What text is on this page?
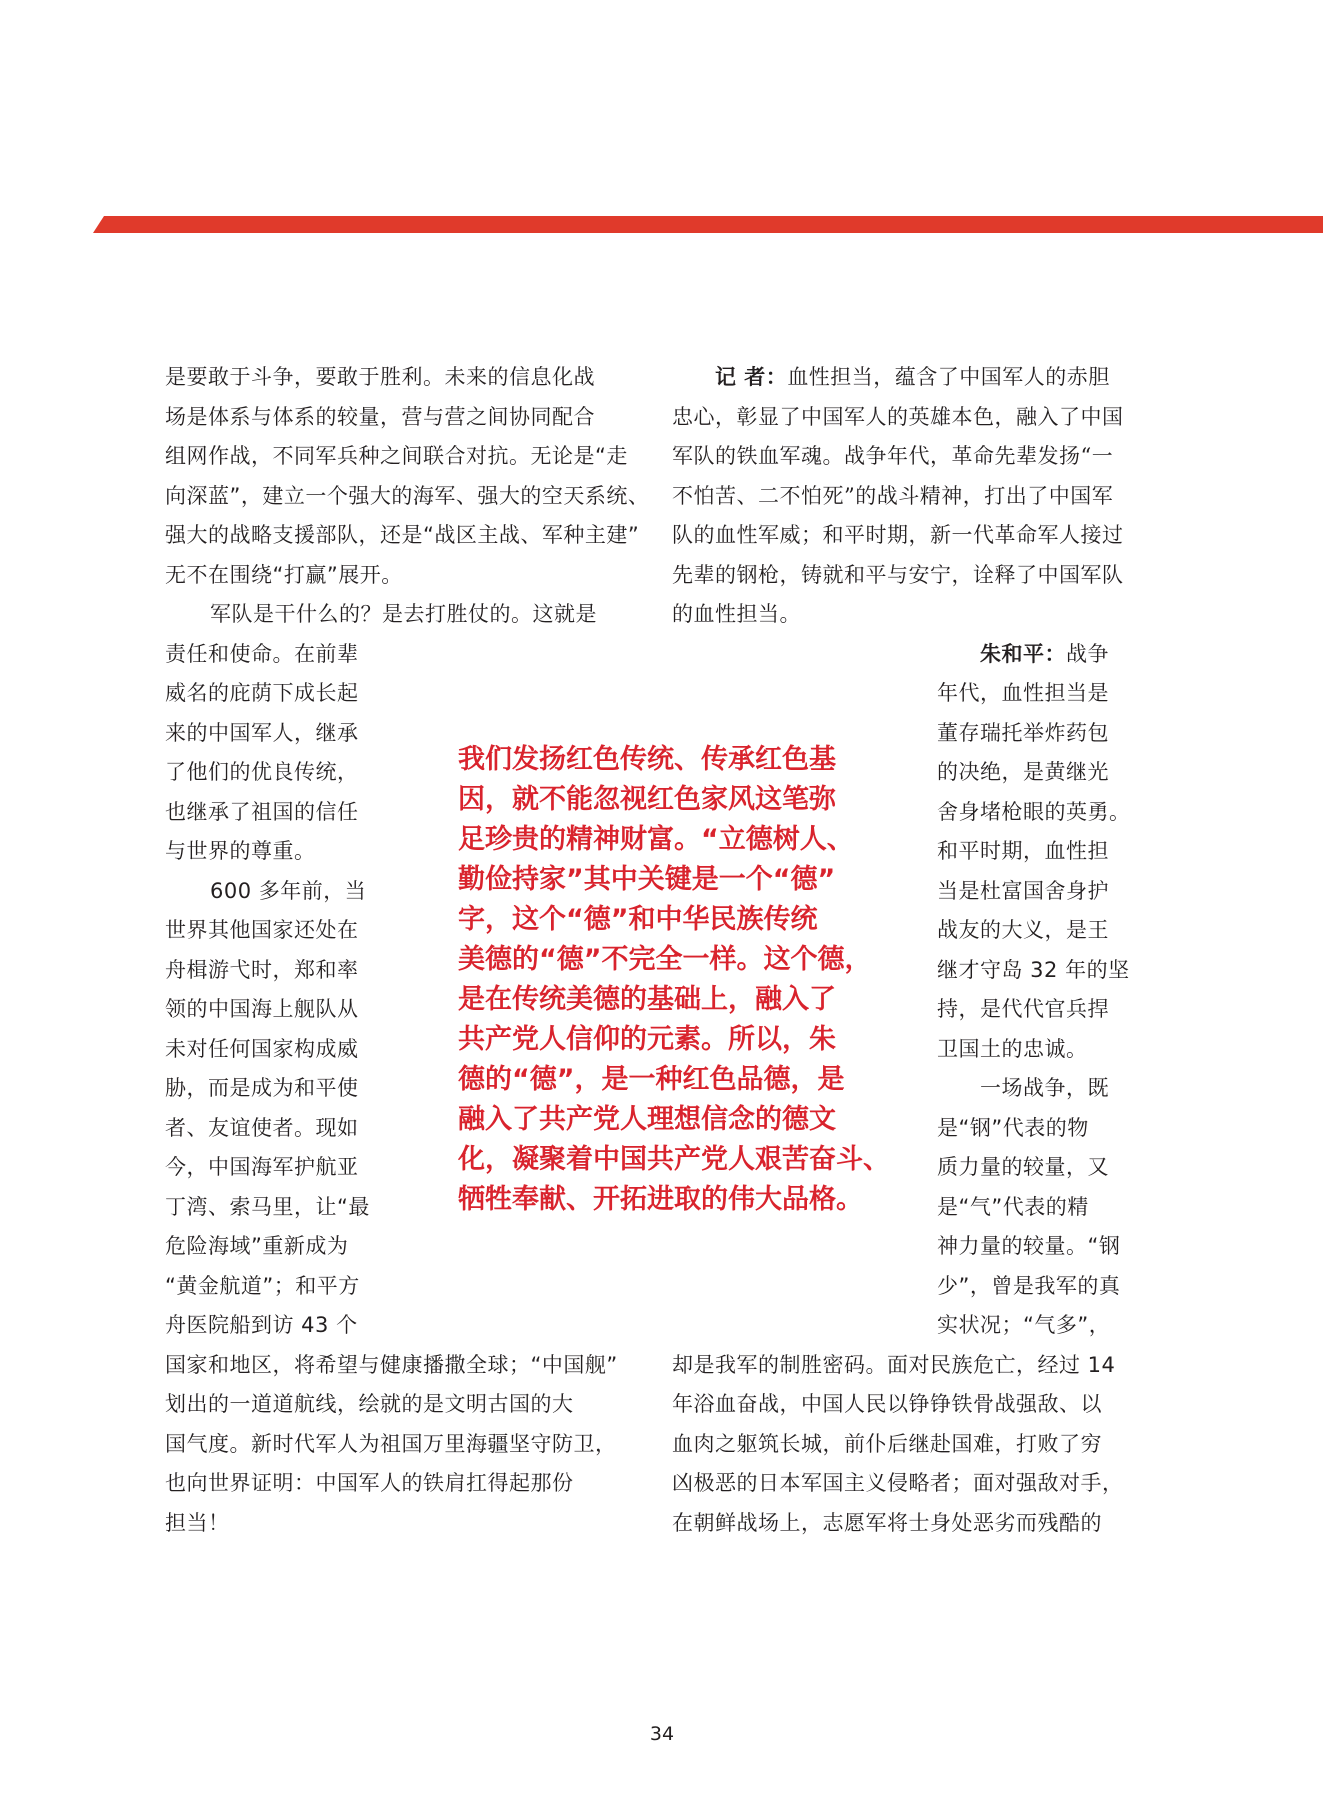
是要敢于斗争，要敢于胜利。未来的信息化战
场是体系与体系的较量，营与营之间协同配合
组网作战，不同军兵种之间联合对抗。无论是“走
向深蓝”，建立一个强大的海军、强大的空天系统、
强大的战略支援部队，还是“战区主战、军种主建”
无不在围绕“打赢”展开。
军队是干什么的？是去打胜仗的。这就是
责任和使命。在前辈
威名的庇荫下成长起
来的中国军人，继承
了他们的优良传统，
也继承了祖国的信任
与世界的尊重。
600 多年前，当
世界其他国家还处在
舟楫游弋时，郑和率
领的中国海上舰队从
未对任何国家构成威
胁，而是成为和平使
者、友谊使者。现如
今，中国海军护航亚
丁湾、索马里，让“最
危险海域”重新成为
“黄金航道”；和平方
舟医院船到访 43 个
国家和地区，将希望与健康播撒全球；“中国舰”
划出的一道道航线，绘就的是文明古国的大
国气度。新时代军人为祖国万里海疆坚守防卫，
也向世界证明：中国军人的铁肩扛得起那份
担当！
记 者：血性担当，蕴含了中国军人的赤胆
忠心，彰显了中国军人的英雄本色，融入了中国
军队的铁血军魂。战争年代，革命先辈发扬“一
不怕苦、二不怕死”的战斗精神，打出了中国军
队的血性军威；和平时期，新一代革命军人接过
先辈的钢枪，铸就和平与安宁，诠释了中国军队
的血性担当。
朱和平：战争
年代，血性担当是
董存瑞托举炸药包
的决绝，是黄继光
舍身堵枪眼的英勇。
和平时期，血性担
当是杜富国舍身护
战友的大义，是王
继才守岛 32 年的坚
持，是代代官兵捍
卫国土的忠诚。
一场战争，既
是“钢”代表的物
质力量的较量，又
是“气”代表的精
神力量的较量。“钢
少”，曾是我军的真
实状况；“气多”，
却是我军的制胜密码。面对民族危亡，经过 14
年浴血奋战，中国人民以铮铮铁骨战强敌、以
血肉之躯筑长城，前仆后继赴国难，打败了穷
凶极恶的日本军国主义侵略者；面对强敌对手，
在朝鲜战场上，志愿军将士身处恶劣而残酷的
我们发扬红色传统、传承红色基
因，就不能忽视红色家风这笔弥
足珍贵的精神财富。“立德树人、
勤俭持家”其中关键是一个“德”
字，这个“德”和中华民族传统
美德的“德”不完全一样。这个德，
是在传统美德的基础上，融入了
共产党人信仰的元素。所以，朱
德的“德”，是一种红色品德，是
融入了共产党人理想信念的德文
化，凝聚着中国共产党人艰苦奋斗、
牺牲奉献、开拓进取的伟大品格。
34
